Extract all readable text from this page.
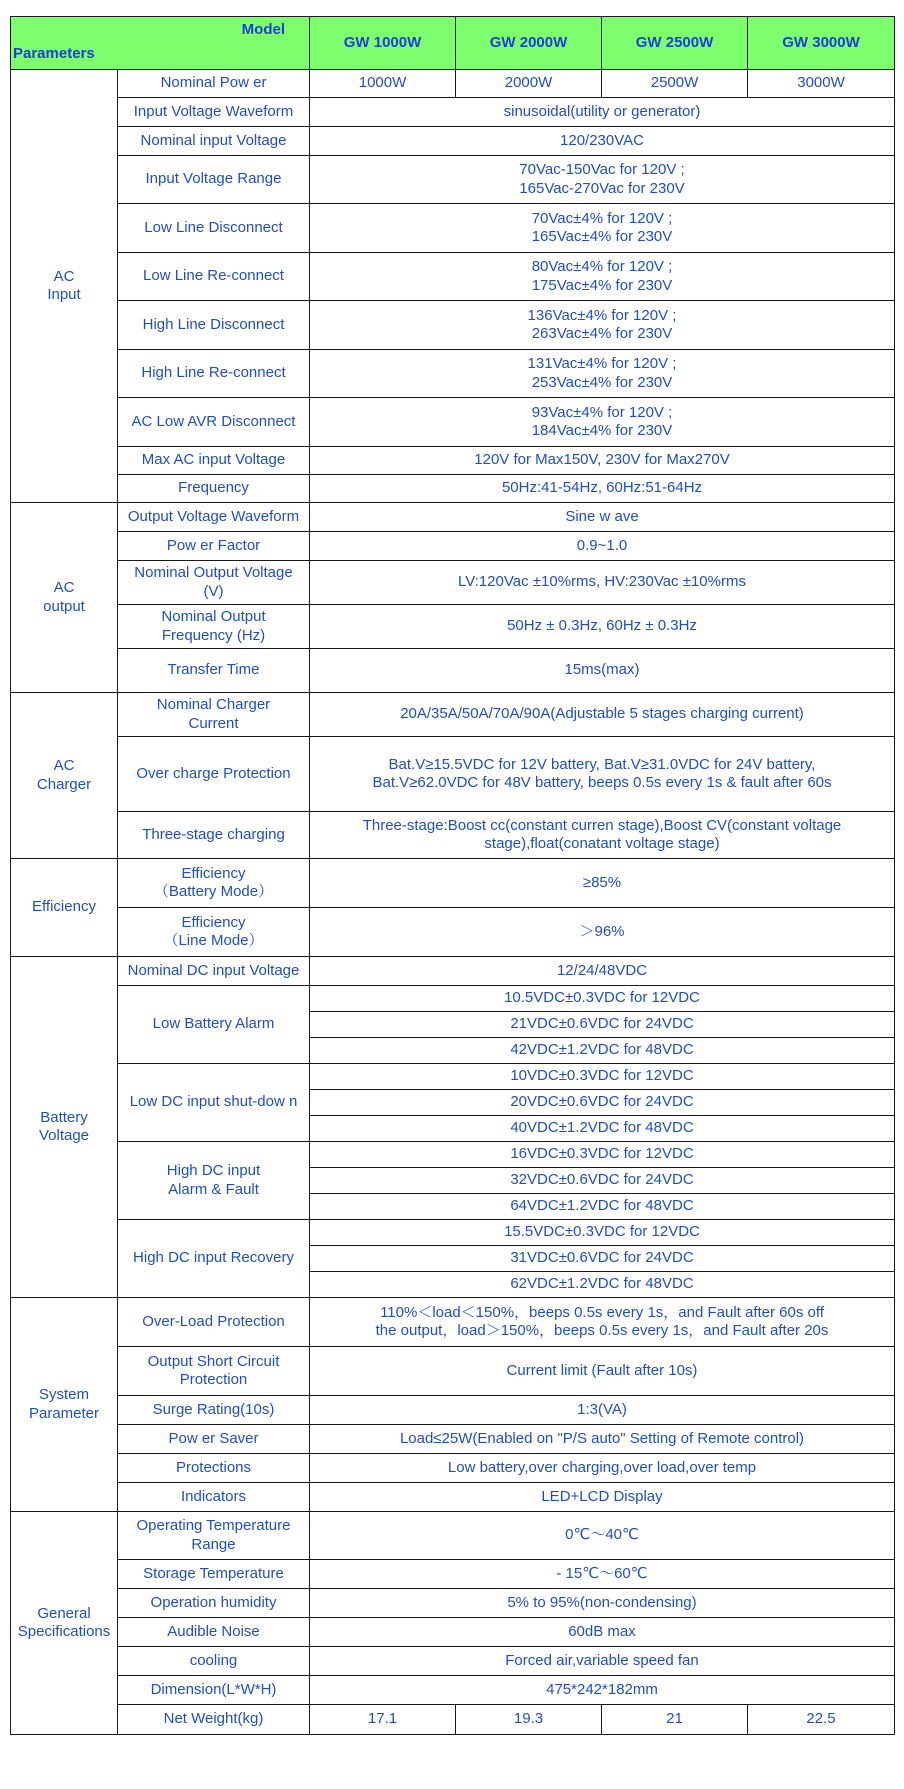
Model
Parameters		GW 1000W	GW 2000W	GW 2500W	GW 3000W
AC
Input	Nominal Pow er	1000W	2000W	2500W	3000W
	Input Voltage Waveform	sinusoidal(utility or generator)			
	Nominal input Voltage	120/230VAC			
	Input Voltage Range	70Vac-150Vac for 120V ;
165Vac-270Vac for 230V			
	Low Line Disconnect	70Vac±4% for 120V ;
165Vac±4% for 230V			
	Low Line Re-connect	80Vac±4% for 120V ;
175Vac±4% for 230V			
	High Line Disconnect	136Vac±4% for 120V ;
263Vac±4% for 230V			
	High Line Re-connect	131Vac±4% for 120V ;
253Vac±4% for 230V			
	AC Low AVR Disconnect	93Vac±4% for 120V ;
184Vac±4% for 230V			
	Max AC input Voltage	120V for Max150V, 230V for Max270V			
	Frequency	50Hz:41-54Hz, 60Hz:51-64Hz			
AC
output	Output Voltage Waveform	Sine w ave			
	Pow er Factor	0.9~1.0			
	Nominal Output Voltage
(V)	LV:120Vac ±10%rms, HV:230Vac ±10%rms			
	Nominal Output
Frequency (Hz)	50Hz ± 0.3Hz, 60Hz ± 0.3Hz			
	Transfer Time	15ms(max)			
AC
Charger	Nominal Charger
Current	20A/35A/50A/70A/90A(Adjustable 5 stages charging current)			
	Over charge Protection	Bat.V≥15.5VDC for 12V battery, Bat.V≥31.0VDC for 24V battery,
Bat.V≥62.0VDC for 48V battery, beeps 0.5s every 1s & fault after 60s			
	Three-stage charging	Three-stage:Boost cc(constant curren stage),Boost CV(constant voltage
stage),float(conatant voltage stage)			
Efficiency	Efficiency
（Battery Mode）	≥85%			
	Efficiency
（Line Mode）	＞96%			
Battery
Voltage	Nominal DC input Voltage	12/24/48VDC			
	Low Battery Alarm	10.5VDC±0.3VDC for 12VDC			
		21VDC±0.6VDC for 24VDC			
		42VDC±1.2VDC for 48VDC			
	Low DC input shut-dow n	10VDC±0.3VDC for 12VDC			
		20VDC±0.6VDC for 24VDC			
		40VDC±1.2VDC for 48VDC			
	High DC input
Alarm & Fault	16VDC±0.3VDC for 12VDC			
		32VDC±0.6VDC for 24VDC			
		64VDC±1.2VDC for 48VDC			
	High DC input Recovery	15.5VDC±0.3VDC for 12VDC			
		31VDC±0.6VDC for 24VDC			
		62VDC±1.2VDC for 48VDC			
System
Parameter	Over-Load Protection	110%＜load＜150%，beeps 0.5s every 1s，and Fault after 60s off
the output，load＞150%，beeps 0.5s every 1s，and Fault after 20s			
	Output Short Circuit
Protection	Current limit (Fault after 10s)			
	Surge Rating(10s)	1:3(VA)			
	Pow er Saver	Load≤25W(Enabled on "P/S auto" Setting of Remote control)			
	Protections	Low battery,over charging,over load,over temp			
	Indicators	LED+LCD Display			
General
Specifications	Operating Temperature
Range	0℃～40℃			
	Storage Temperature	- 15℃～60℃			
	Operation humidity	5% to 95%(non-condensing)			
	Audible Noise	60dB max			
	cooling	Forced air,variable speed fan			
	Dimension(L*W*H)	475*242*182mm			
	Net Weight(kg)	17.1	19.3	21	22.5
